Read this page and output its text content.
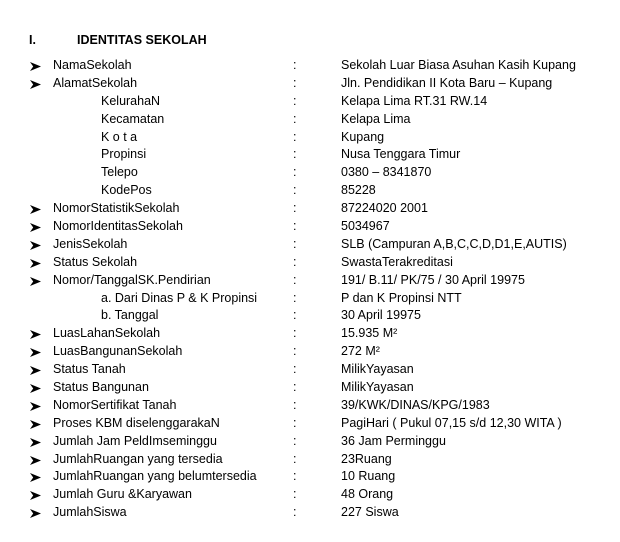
I.	IDENTITAS SEKOLAH
NamaSekolah	:	Sekolah Luar Biasa Asuhan Kasih Kupang
AlamatSekolah	:	Jln. Pendidikan II Kota Baru – Kupang
KelurahaN	:	Kelapa Lima RT.31 RW.14
Kecamatan	:	Kelapa Lima
K o t a	:	Kupang
Propinsi	:	Nusa Tenggara Timur
Telepo	:	0380 – 8341870
KodePos	:	85228
NomorStatistikSekolah	:	87224020 2001
NomorIdentitasSekolah	:	5034967
JenisSekolah	:	SLB (Campuran A,B,C,C,D,D1,E,AUTIS)
Status Sekolah	:	SwastaTerakreditasi
Nomor/TanggalSK.Pendirian	:	191/ B.11/ PK/75 / 30 April 19975
a. Dari Dinas P & K Propinsi	:	P dan K Propinsi NTT
b. Tanggal	:	30 April 19975
LuasLahanSekolah	:	15.935 M²
LuasBangunanSekolah	:	272 M²
Status Tanah	:	MilikYayasan
Status Bangunan	:	MilikYayasan
NomorSertifikat Tanah	:	39/KWK/DINAS/KPG/1983
Proses KBM diselenggarakaN	:	PagiHari ( Pukul 07,15 s/d 12,30 WITA )
Jumlah Jam PeldImseminggu	:	36 Jam Perminggu
JumlahRuangan yang tersedia	:	23Ruang
JumlahRuangan yang belumtersedia	:	10 Ruang
Jumlah Guru &Karyawan	:	48 Orang
JumlahSiswa	:	227 Siswa
